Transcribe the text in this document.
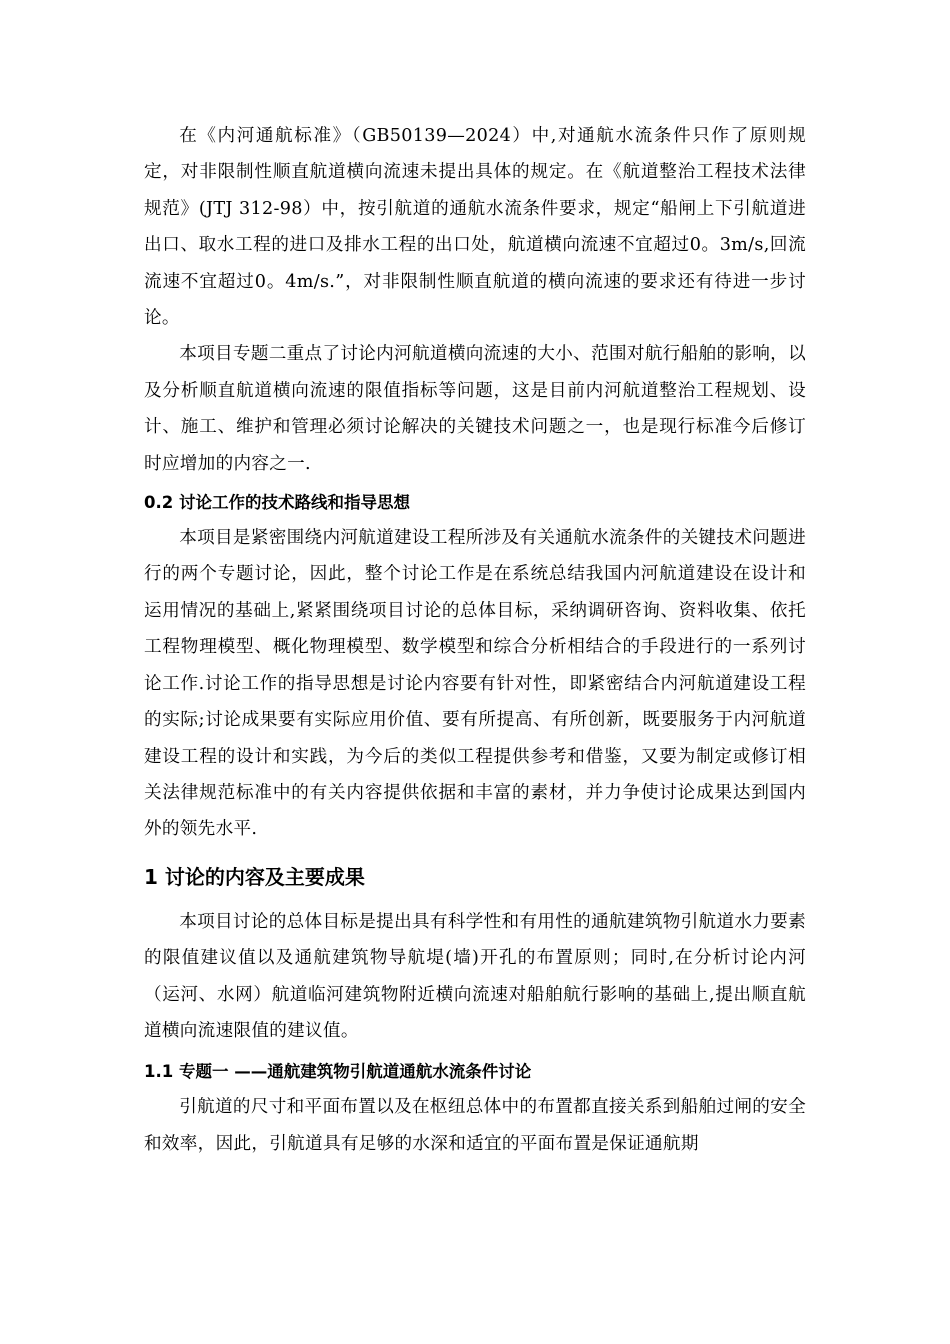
在《内河通航标准》（GB50139—2024）中,对通航水流条件只作了原则规定，对非限制性顺直航道横向流速未提出具体的规定。在《航道整治工程技术法律规范》(JTJ 312-98）中，按引航道的通航水流条件要求，规定“船闸上下引航道进出口、取水工程的进口及排水工程的出口处，航道横向流速不宜超过0。3m/s,回流流速不宜超过0。4m/s.”，对非限制性顺直航道的横向流速的要求还有待进一步讨论。

本项目专题二重点了讨论内河航道横向流速的大小、范围对航行船舶的影响，以及分析顺直航道横向流速的限值指标等问题，这是目前内河航道整治工程规划、设计、施工、维护和管理必须讨论解决的关键技术问题之一，也是现行标准今后修订时应增加的内容之一.

0.2 讨论工作的技术路线和指导思想

本项目是紧密围绕内河航道建设工程所涉及有关通航水流条件的关键技术问题进行的两个专题讨论，因此，整个讨论工作是在系统总结我国内河航道建设在设计和运用情况的基础上,紧紧围绕项目讨论的总体目标，采纳调研咨询、资料收集、依托工程物理模型、概化物理模型、数学模型和综合分析相结合的手段进行的一系列讨论工作.讨论工作的指导思想是讨论内容要有针对性，即紧密结合内河航道建设工程的实际;讨论成果要有实际应用价值、要有所提高、有所创新，既要服务于内河航道建设工程的设计和实践，为今后的类似工程提供参考和借鉴，又要为制定或修订相关法律规范标准中的有关内容提供依据和丰富的素材，并力争使讨论成果达到国内外的领先水平.

1 讨论的内容及主要成果

本项目讨论的总体目标是提出具有科学性和有用性的通航建筑物引航道水力要素的限值建议值以及通航建筑物导航堤(墙)开孔的布置原则；同时,在分析讨论内河（运河、水网）航道临河建筑物附近横向流速对船舶航行影响的基础上,提出顺直航道横向流速限值的建议值。

1.1 专题一 ——通航建筑物引航道通航水流条件讨论

引航道的尺寸和平面布置以及在枢纽总体中的布置都直接关系到船舶过闸的安全和效率，因此，引航道具有足够的水深和适宜的平面布置是保证通航期
